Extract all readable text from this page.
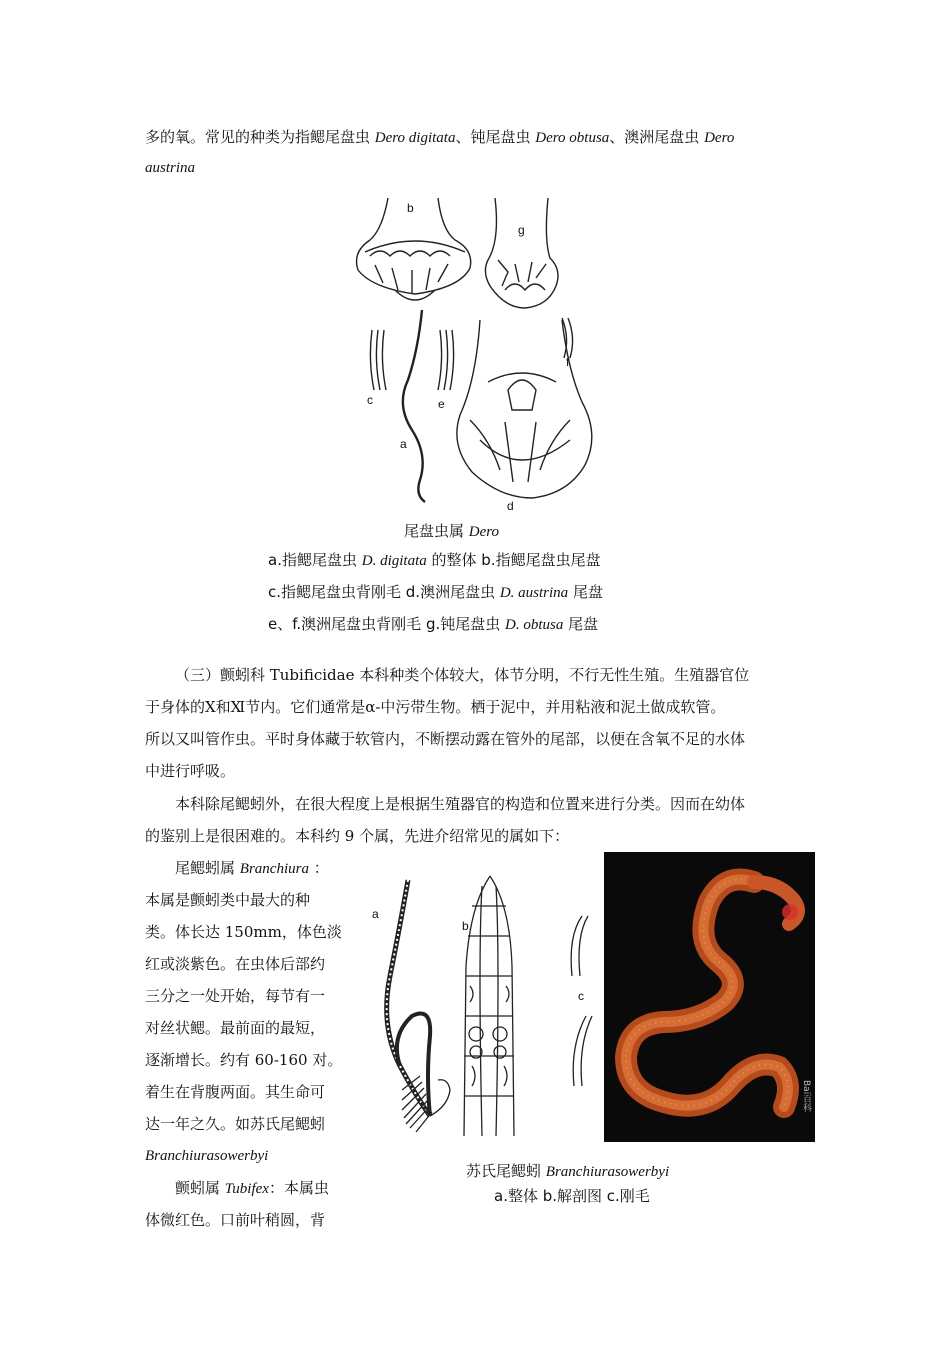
多的氧。常见的种类为指鳃尾盘虫 Dero digitata、钝尾盘虫 Dero obtusa、澳洲尾盘虫 Dero
austrina
b
g
f
c	e
a
d
尾盘虫属 Dero
a.指鳃尾盘虫 D. digitata 的整体 b.指鳃尾盘虫尾盘
c.指鳃尾盘虫背刚毛 d.澳洲尾盘虫 D. austrina 尾盘
e、f.澳洲尾盘虫背刚毛 g.钝尾盘虫 D. obtusa 尾盘
（三）颤蚓科 Tubificidae 本科种类个体较大，体节分明，不行无性生殖。生殖器官位
于身体的Ⅹ和Ⅺ节内。它们通常是α-中污带生物。栖于泥中，并用粘液和泥土做成软管。
所以又叫管作虫。平时身体藏于软管内，不断摆动露在管外的尾部，以便在含氧不足的水体
中进行呼吸。
本科除尾鳃蚓外，在很大程度上是根据生殖器官的构造和位置来进行分类。因而在幼体
的鉴别上是很困难的。本科约 9 个属，先进介绍常见的属如下：
尾鳃蚓属 Branchiura ：
本属是颤蚓类中最大的种
类。体长达 150mm，体色淡
红或淡紫色。在虫体后部约
三分之一处开始，每节有一
对丝状鳃。最前面的最短，
逐渐增长。约有 60-160 对。
着生在背腹两面。其生命可
达一年之久。如苏氏尾鳃蚓
Branchiurasowerbyi
颤蚓属 Tubifex：本属虫
体微红色。口前叶稍圆，背
a
b.
c
Bai百科
苏氏尾鳃蚓 Branchiurasowerbyi
a.整体 b.解剖图 c.刚毛
